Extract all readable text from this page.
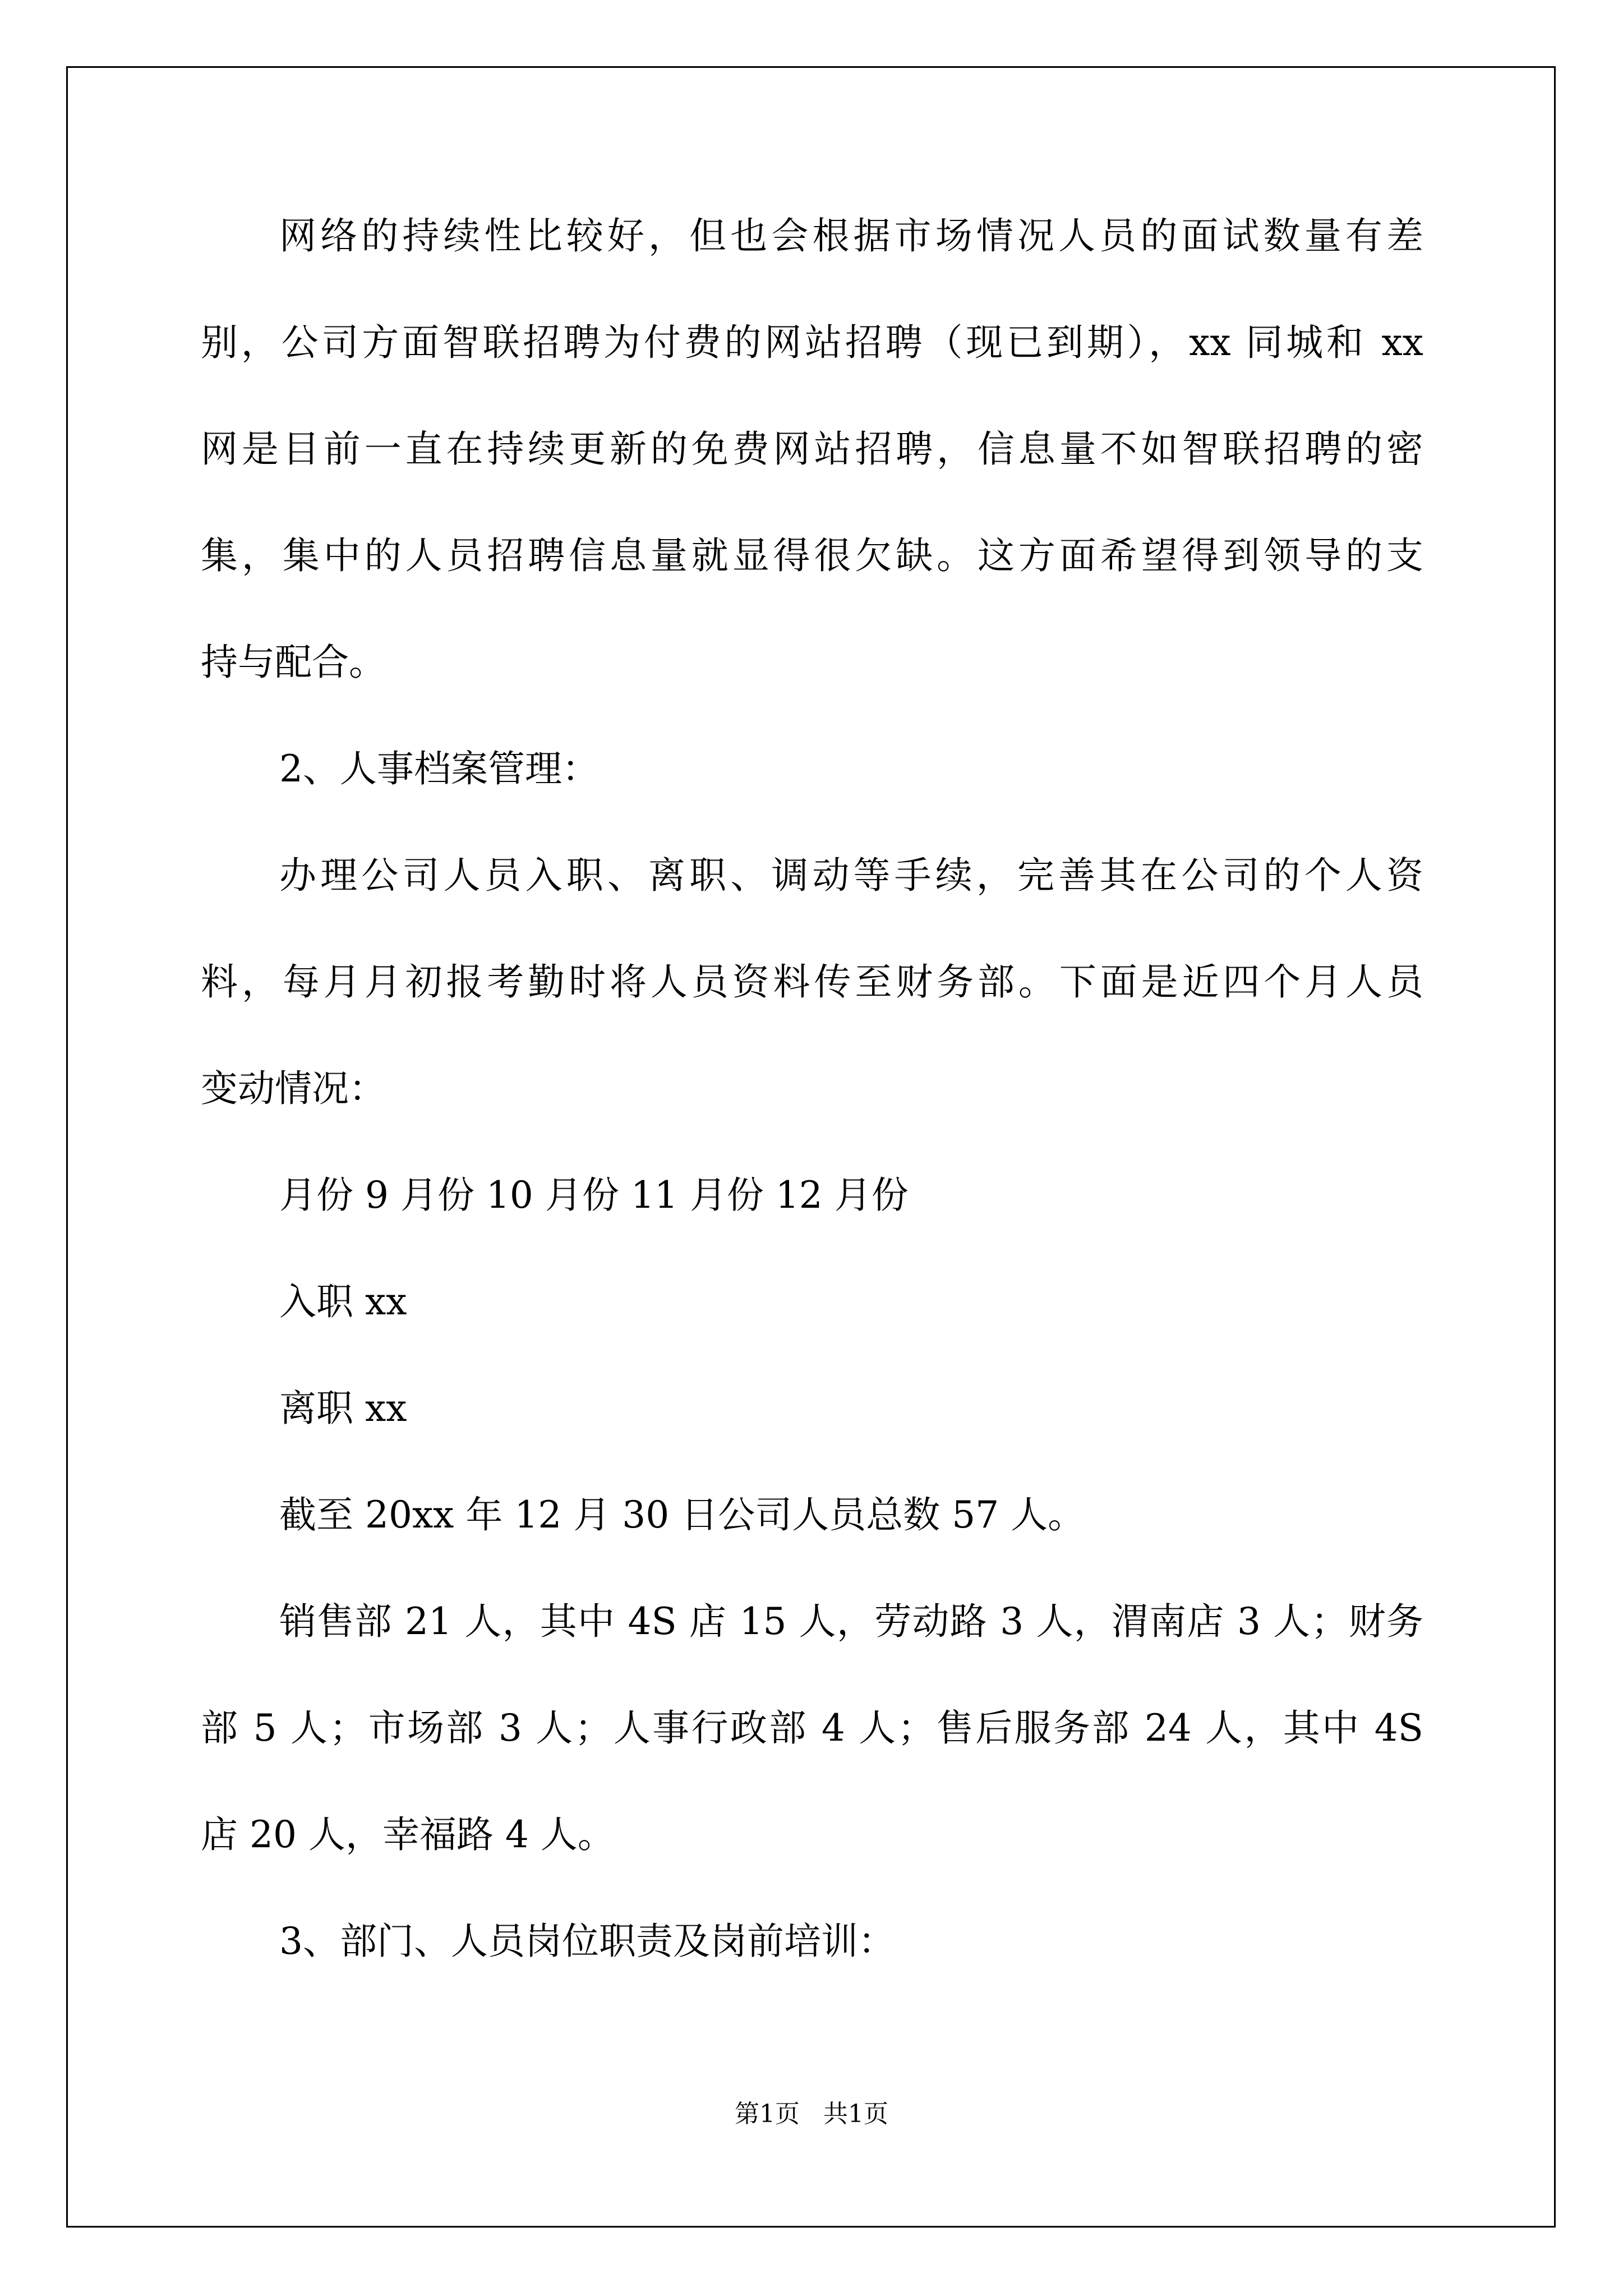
网络的持续性比较好，但也会根据市场情况人员的面试数量有差
别，公司方面智联招聘为付费的网站招聘（现已到期），xx 同城和 xx
网是目前一直在持续更新的免费网站招聘，信息量不如智联招聘的密
集，集中的人员招聘信息量就显得很欠缺。这方面希望得到领导的支
持与配合。
2、人事档案管理：
办理公司人员入职、离职、调动等手续，完善其在公司的个人资
料，每月月初报考勤时将人员资料传至财务部。下面是近四个月人员
变动情况：
月份 9 月份 10 月份 11 月份 12 月份
入职 xx
离职 xx
截至 20xx 年 12 月 30 日公司人员总数 57 人。
销售部 21 人，其中 4S 店 15 人，劳动路 3 人，渭南店 3 人；财务
部 5 人；市场部 3 人；人事行政部 4 人；售后服务部 24 人，其中 4S
店 20 人，幸福路 4 人。
3、部门、人员岗位职责及岗前培训：
第1页   共1页
